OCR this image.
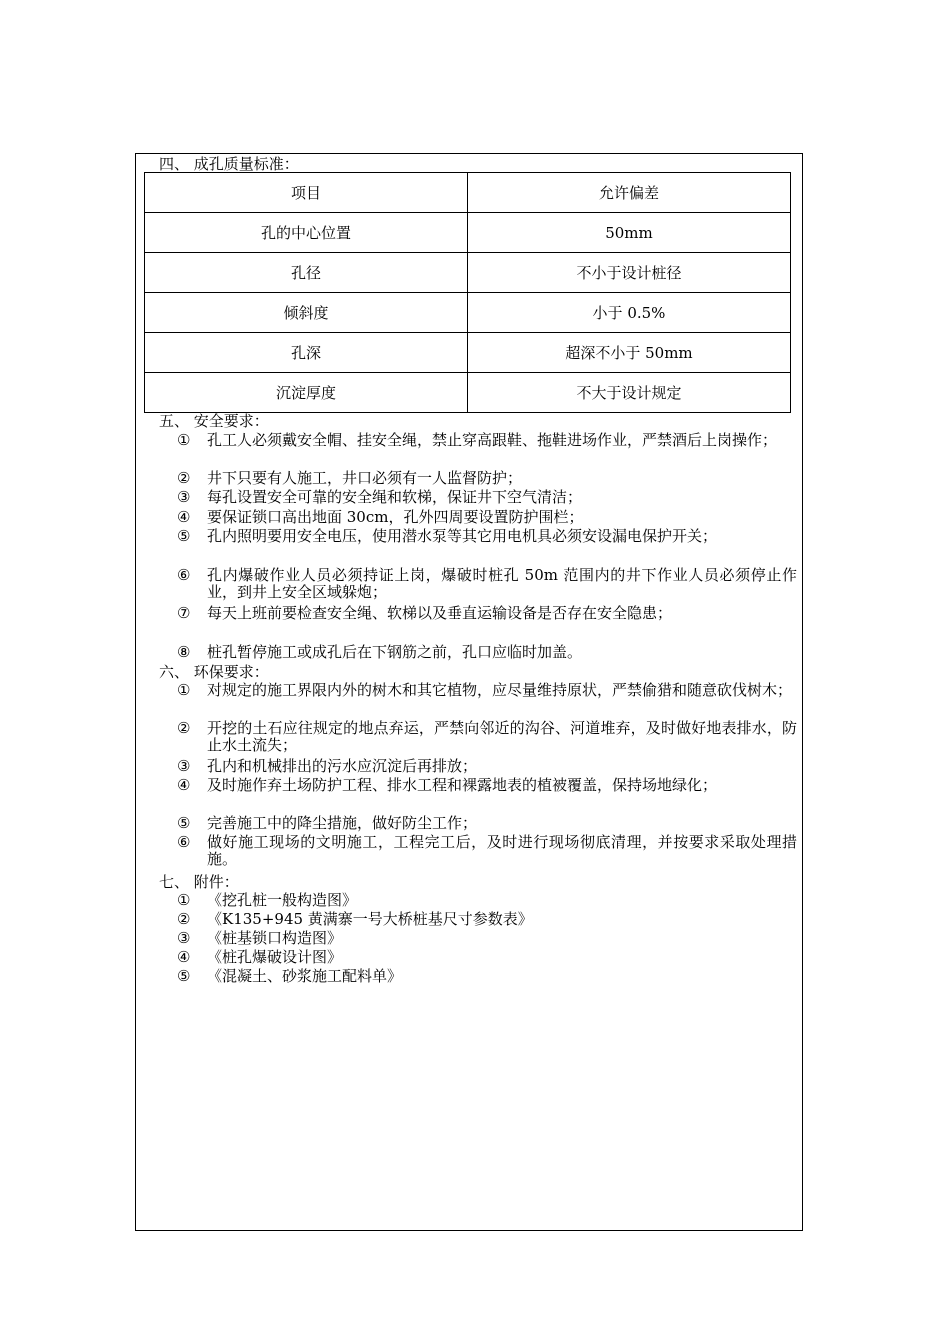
四、 成孔质量标准：
项目	允许偏差
孔的中心位置	50mm
孔径	不小于设计桩径
倾斜度	小于 0.5%
孔深	超深不小于 50mm
沉淀厚度	不大于设计规定
五、 安全要求：
①	孔工人必须戴安全帽、挂安全绳，禁止穿高跟鞋、拖鞋进场作业，严禁酒后上岗操作；
②	井下只要有人施工，井口必须有一人监督防护；
③	每孔设置安全可靠的安全绳和软梯，保证井下空气清洁；
④	要保证锁口高出地面 30cm，孔外四周要设置防护围栏；
⑤	孔内照明要用安全电压，使用潜水泵等其它用电机具必须安设漏电保护开关；
⑥	孔内爆破作业人员必须持证上岗，爆破时桩孔 50m 范围内的井下作业人员必须停止作业，到井上安全区域躲炮；
⑦	每天上班前要检查安全绳、软梯以及垂直运输设备是否存在安全隐患；
⑧	桩孔暂停施工或成孔后在下钢筋之前，孔口应临时加盖。
六、 环保要求：
①	对规定的施工界限内外的树木和其它植物，应尽量维持原状，严禁偷猎和随意砍伐树木；
②	开挖的土石应往规定的地点弃运，严禁向邻近的沟谷、河道堆弃，及时做好地表排水，防止水土流失；
③	孔内和机械排出的污水应沉淀后再排放；
④	及时施作弃土场防护工程、排水工程和裸露地表的植被覆盖，保持场地绿化；
⑤	完善施工中的降尘措施，做好防尘工作；
⑥	做好施工现场的文明施工，工程完工后，及时进行现场彻底清理，并按要求采取处理措施。
七、 附件：
①	《挖孔桩一般构造图》
②	《K135+945 黄满寨一号大桥桩基尺寸参数表》
③	《桩基锁口构造图》
④	《桩孔爆破设计图》
⑤	《混凝土、砂浆施工配料单》
